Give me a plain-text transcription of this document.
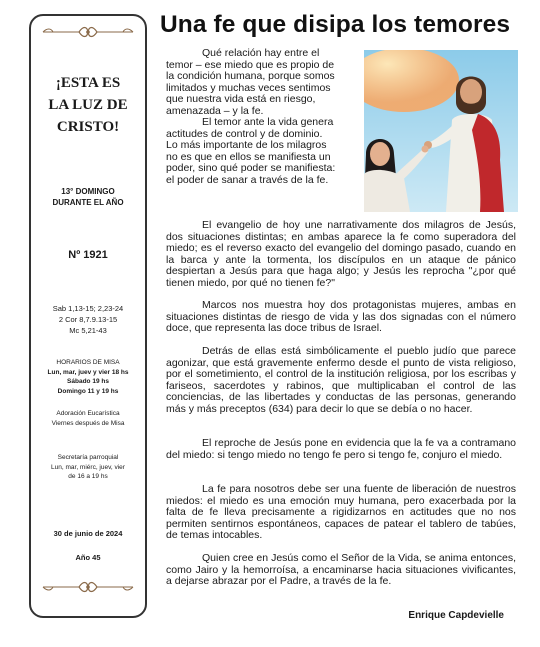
¡ESTA ES
LA LUZ DE
CRISTO!
13° DOMINGO
DURANTE EL AÑO
Nº 1921
Sab 1,13-15; 2,23-24
2 Cor 8,7.9.13-15
Mc 5,21-43
HORARIOS DE MISA
Lun, mar, juev y vier 18 hs
Sábado 19 hs
Domingo 11 y 19 hs
Adoración Eucarística
Viernes después de Misa
Secretaría parroquial
Lun, mar, miérc, juev, vier
de 16 a 19 hs
30 de junio de 2024
Año 45
Una fe que disipa los temores
Qué relación hay entre el
temor – ese miedo que es propio de
la condición humana, porque somos
limitados y muchas veces sentimos
que nuestra vida está en riesgo,
amenazada – y la fe.
El temor ante la vida genera
actitudes de control y de dominio.
Lo más importante de los milagros
no es que en ellos se manifiesta un
poder, sino qué poder se manifiesta:
el poder de sanar a través de la fe.

El evangelio de hoy une narrativamente dos milagros de Jesús, dos situaciones distintas; en ambas aparece la fe como superadora del miedo; es el reverso exacto del evangelio del domingo pasado, cuando en la barca y ante la tormenta, los discípulos en un ataque de pánico despiertan a Jesús para que haga algo; y Jesús les reprocha "¿por qué tienen miedo, por qué no tienen fe?"

Marcos nos muestra hoy dos protagonistas mujeres, ambas en situaciones distintas de riesgo de vida y las dos signadas con el número doce, que representa las doce tribus de Israel.

Detrás de ellas está simbólicamente el pueblo judío que parece agonizar, que está gravemente enfermo desde el punto de vista religioso, por el sometimiento, el control de la institución religiosa, por los escribas y fariseos, sacerdotes y rabinos, que multiplicaban el control de las conciencias, de las libertades y conductas de las personas, generando más y más preceptos (634) para decir lo que se debía o no hacer.

El reproche de Jesús pone en evidencia que la fe va a contramano del miedo: si tengo miedo no tengo fe pero si tengo fe, conjuro el miedo.

La fe para nosotros debe ser una fuente de liberación de nuestros miedos: el miedo es una emoción muy humana, pero exacerbada por la falta de fe lleva precisamente a rigidizarnos en actitudes que no nos permiten sentirnos espontáneos, capaces de patear el tablero de tabúes, de temas intocables.

Quien cree en Jesús como el Señor de la Vida, se anima entonces, como Jairo y la hemorroísa, a encaminarse hacia situaciones vivificantes, a dejarse abrazar por el Padre, a través de la fe.

Enrique Capdevielle
